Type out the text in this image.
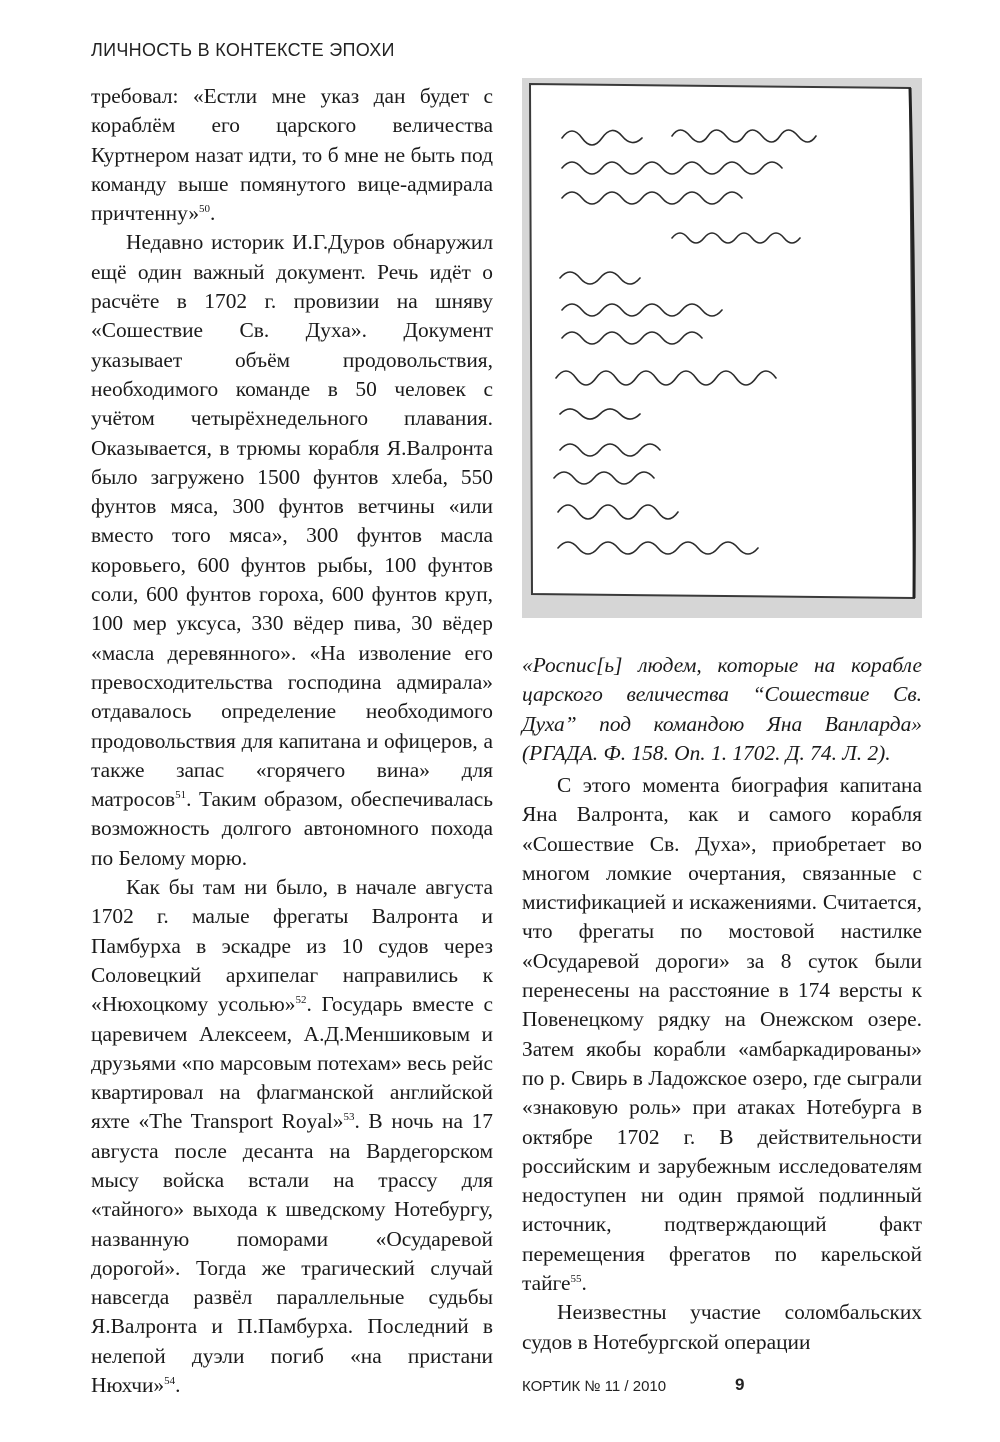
ЛИЧНОСТЬ В КОНТЕКСТЕ ЭПОХИ

требовал: «Естли мне указ дан будет с кораблём его царского величества Куртнером назат идти, то б мне не быть под команду выше помянутого вице-адмирала причтенну»$^{50}$.

Недавно историк И.Г.Дуров обнаружил ещё один важный документ. Речь идёт о расчёте в 1702 г. провизии на шняву «Сошествие Св. Духа». Документ указывает объём продовольствия, необходимого команде в 50 человек с учётом четырёхнедельного плавания. Оказывается, в трюмы корабля Я.Валронта было загружено 1500 фунтов хлеба, 550 фунтов мяса, 300 фунтов ветчины «или вместо того мяса», 300 фунтов масла коровьего, 600 фунтов рыбы, 100 фунтов соли, 600 фунтов гороха, 600 фунтов круп, 100 мер уксуса, 330 вёдер пива, 30 вёдер «масла деревянного». «На изволение его превосходительства господина адмирала» отдавалось определение необходимого продовольствия для капитана и офицеров, а также запас «горячего вина» для матросов$^{51}$. Таким образом, обеспечивалась возможность долгого автономного похода по Белому морю.

Как бы там ни было, в начале августа 1702 г. малые фрегаты Валронта и Памбурха в эскадре из 10 судов через Соловецкий архипелаг направились к «Нюхоцкому усолью»$^{52}$. Государь вместе с царевичем Алексеем, А.Д.Меншиковым и друзьями «по марсовым потехам» весь рейс квартировал на флагманской английской яхте «The Transport Royal»$^{53}$. В ночь на 17 августа после десанта на Вардегорском мысу войска встали на трассу для «тайного» выхода к шведскому Нотебургу, названную поморами «Осударевой дорогой». Тогда же трагический случай навсегда развёл параллельные судьбы Я.Валронта и П.Памбурха. Последний в нелепой дуэли погиб «на пристани Нюхчи»$^{54}$.

«Роспис[ь] людем, которые на корабле царского величества “Сошествие Св. Духа” под командою Яна Ванларда» (РГАДА. Ф. 158. Оп. 1. 1702. Д. 74. Л. 2).

С этого момента биография капитана Яна Валронта, как и самого корабля «Сошествие Св. Духа», приобретает во многом ломкие очертания, связанные с мистификацией и искажениями. Считается, что фрегаты по мостовой настилке «Осударевой дороги» за 8 суток были перенесены на расстояние в 174 версты к Повенецкому рядку на Онежском озере. Затем якобы корабли «амбаркадированы» по р. Свирь в Ладожское озеро, где сыграли «знаковую роль» при атаках Нотебурга в октябре 1702 г. В действительности российским и зарубежным исследователям недоступен ни один прямой подлинный источник, подтверждающий факт перемещения фрегатов по карельской тайге$^{55}$.

Неизвестны участие соломбальских судов в Нотебургской операции

КОРТИК № 11 / 2010	9
